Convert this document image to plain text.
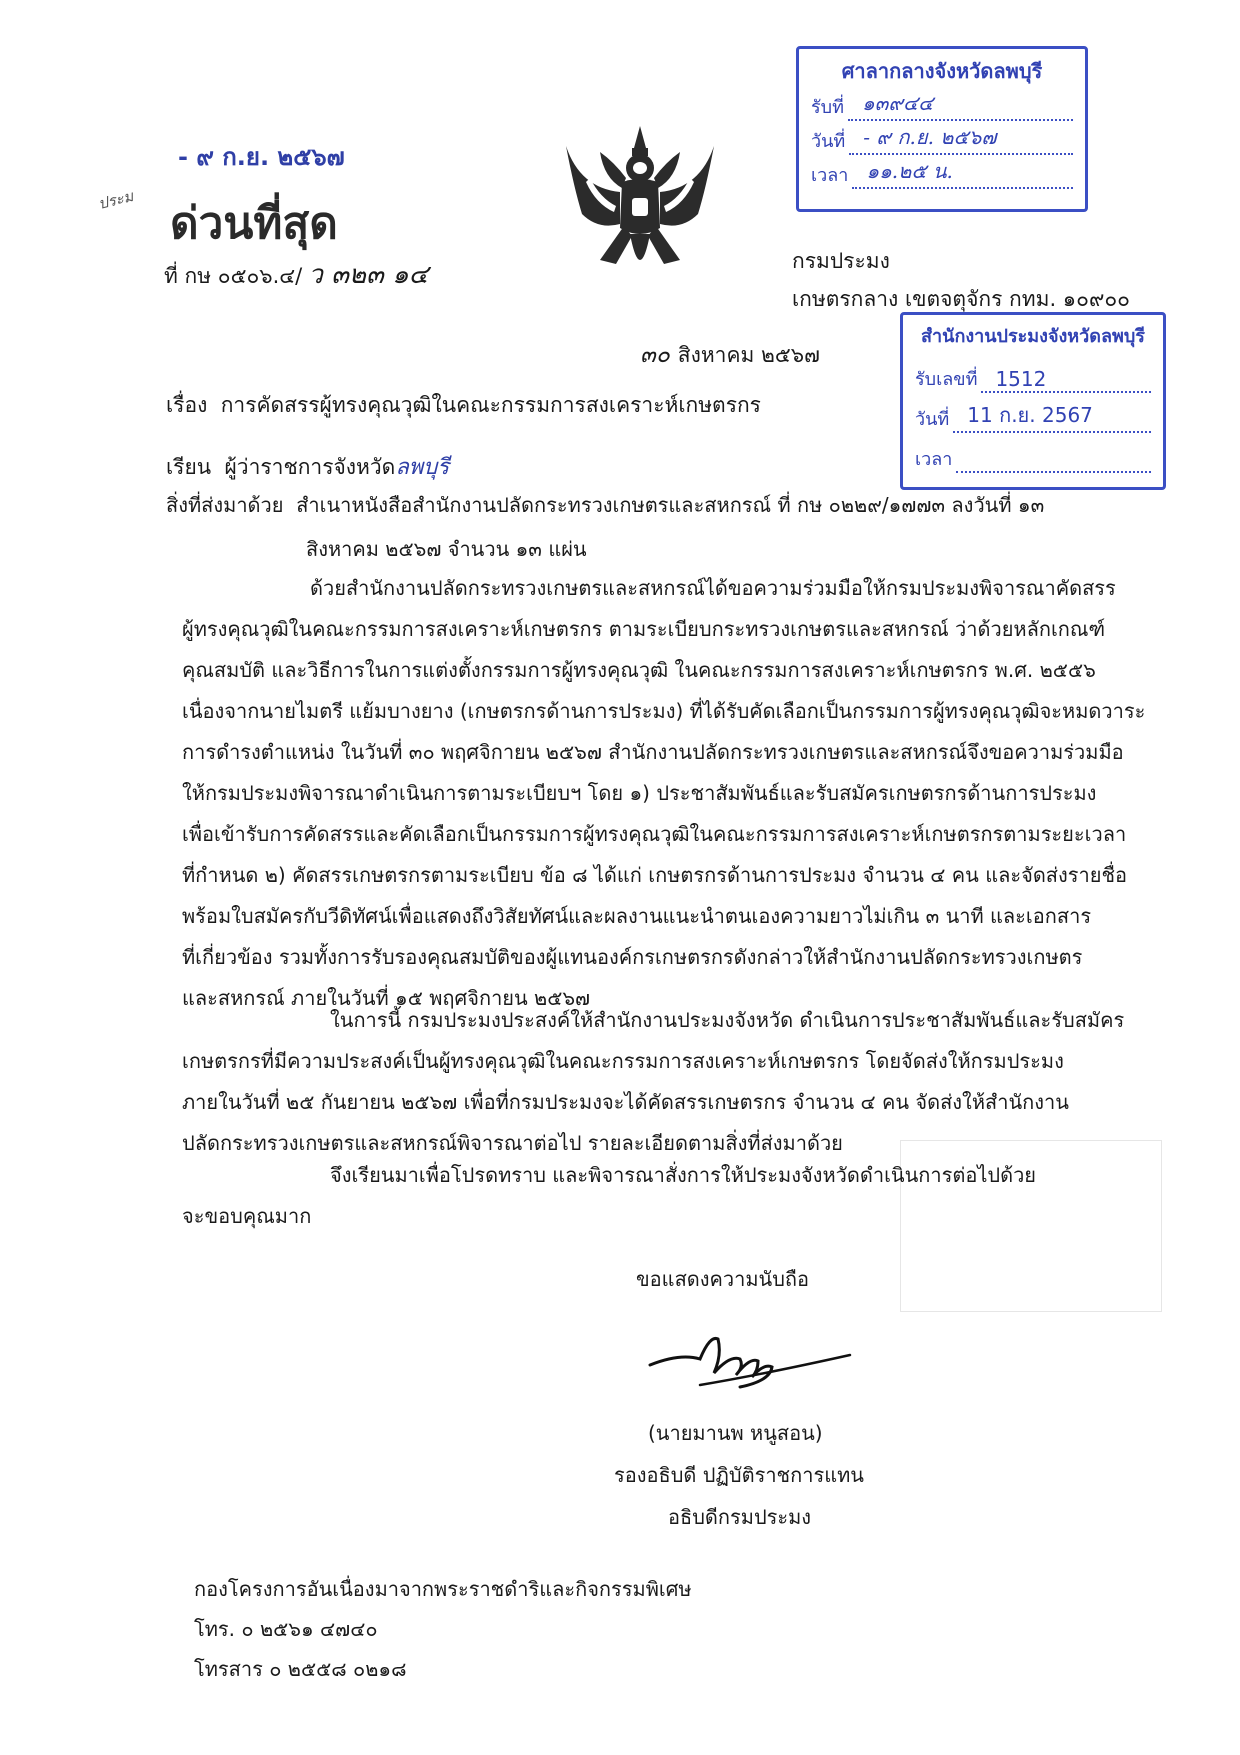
- ๙ ก.ย. ๒๕๖๗
ประม ด่วนที่สุด
ที่ กษ ๐๕๐๖.๔/ ว ๓๒๓ ๑๔
ศาลากลางจังหวัดลพบุรี
รับที่ ๑๓๙๔๔
วันที่ - ๙ ก.ย. ๒๕๖๗
เวลา ๑๑.๒๕ น.
กรมประมง
เกษตรกลาง เขตจตุจักร กทม. ๑๐๙๐๐
สำนักงานประมงจังหวัดลพบุรี
รับเลขที่ 1512
วันที่ 11 ก.ย. 2567
เวลา
๓๐ สิงหาคม ๒๕๖๗
เรื่อง การคัดสรรผู้ทรงคุณวุฒิในคณะกรรมการสงเคราะห์เกษตรกร
เรียน ผู้ว่าราชการจังหวัดลพบุรี
สิ่งที่ส่งมาด้วย สำเนาหนังสือสำนักงานปลัดกระทรวงเกษตรและสหกรณ์ ที่ กษ ๐๒๒๙/๑๗๗๓ ลงวันที่ ๑๓
สิงหาคม ๒๕๖๗ จำนวน ๑๓ แผ่น
ด้วยสำนักงานปลัดกระทรวงเกษตรและสหกรณ์ได้ขอความร่วมมือให้กรมประมงพิจารณาคัดสรร
ผู้ทรงคุณวุฒิในคณะกรรมการสงเคราะห์เกษตรกร ตามระเบียบกระทรวงเกษตรและสหกรณ์ ว่าด้วยหลักเกณฑ์
คุณสมบัติ และวิธีการในการแต่งตั้งกรรมการผู้ทรงคุณวุฒิ ในคณะกรรมการสงเคราะห์เกษตรกร พ.ศ. ๒๕๕๖
เนื่องจากนายไมตรี แย้มบางยาง (เกษตรกรด้านการประมง) ที่ได้รับคัดเลือกเป็นกรรมการผู้ทรงคุณวุฒิจะหมดวาระ
การดำรงตำแหน่ง ในวันที่ ๓๐ พฤศจิกายน ๒๕๖๗ สำนักงานปลัดกระทรวงเกษตรและสหกรณ์จึงขอความร่วมมือ
ให้กรมประมงพิจารณาดำเนินการตามระเบียบฯ โดย ๑) ประชาสัมพันธ์และรับสมัครเกษตรกรด้านการประมง
เพื่อเข้ารับการคัดสรรและคัดเลือกเป็นกรรมการผู้ทรงคุณวุฒิในคณะกรรมการสงเคราะห์เกษตรกรตามระยะเวลา
ที่กำหนด ๒) คัดสรรเกษตรกรตามระเบียบ ข้อ ๘ ได้แก่ เกษตรกรด้านการประมง จำนวน ๔ คน และจัดส่งรายชื่อ
พร้อมใบสมัครกับวีดิทัศน์เพื่อแสดงถึงวิสัยทัศน์และผลงานแนะนำตนเองความยาวไม่เกิน ๓ นาที และเอกสาร
ที่เกี่ยวข้อง รวมทั้งการรับรองคุณสมบัติของผู้แทนองค์กรเกษตรกรดังกล่าวให้สำนักงานปลัดกระทรวงเกษตร
และสหกรณ์ ภายในวันที่ ๑๕ พฤศจิกายน ๒๕๖๗
ในการนี้ กรมประมงประสงค์ให้สำนักงานประมงจังหวัด ดำเนินการประชาสัมพันธ์และรับสมัคร
เกษตรกรที่มีความประสงค์เป็นผู้ทรงคุณวุฒิในคณะกรรมการสงเคราะห์เกษตรกร โดยจัดส่งให้กรมประมง
ภายในวันที่ ๒๕ กันยายน ๒๕๖๗ เพื่อที่กรมประมงจะได้คัดสรรเกษตรกร จำนวน ๔ คน จัดส่งให้สำนักงาน
ปลัดกระทรวงเกษตรและสหกรณ์พิจารณาต่อไป รายละเอียดตามสิ่งที่ส่งมาด้วย
จึงเรียนมาเพื่อโปรดทราบ และพิจารณาสั่งการให้ประมงจังหวัดดำเนินการต่อไปด้วย
จะขอบคุณมาก
ขอแสดงความนับถือ
(นายมานพ หนูสอน)
รองอธิบดี ปฏิบัติราชการแทน
อธิบดีกรมประมง
กองโครงการอันเนื่องมาจากพระราชดำริและกิจกรรมพิเศษ
โทร. ๐ ๒๕๖๑ ๔๗๔๐
โทรสาร ๐ ๒๕๕๘ ๐๒๑๘
